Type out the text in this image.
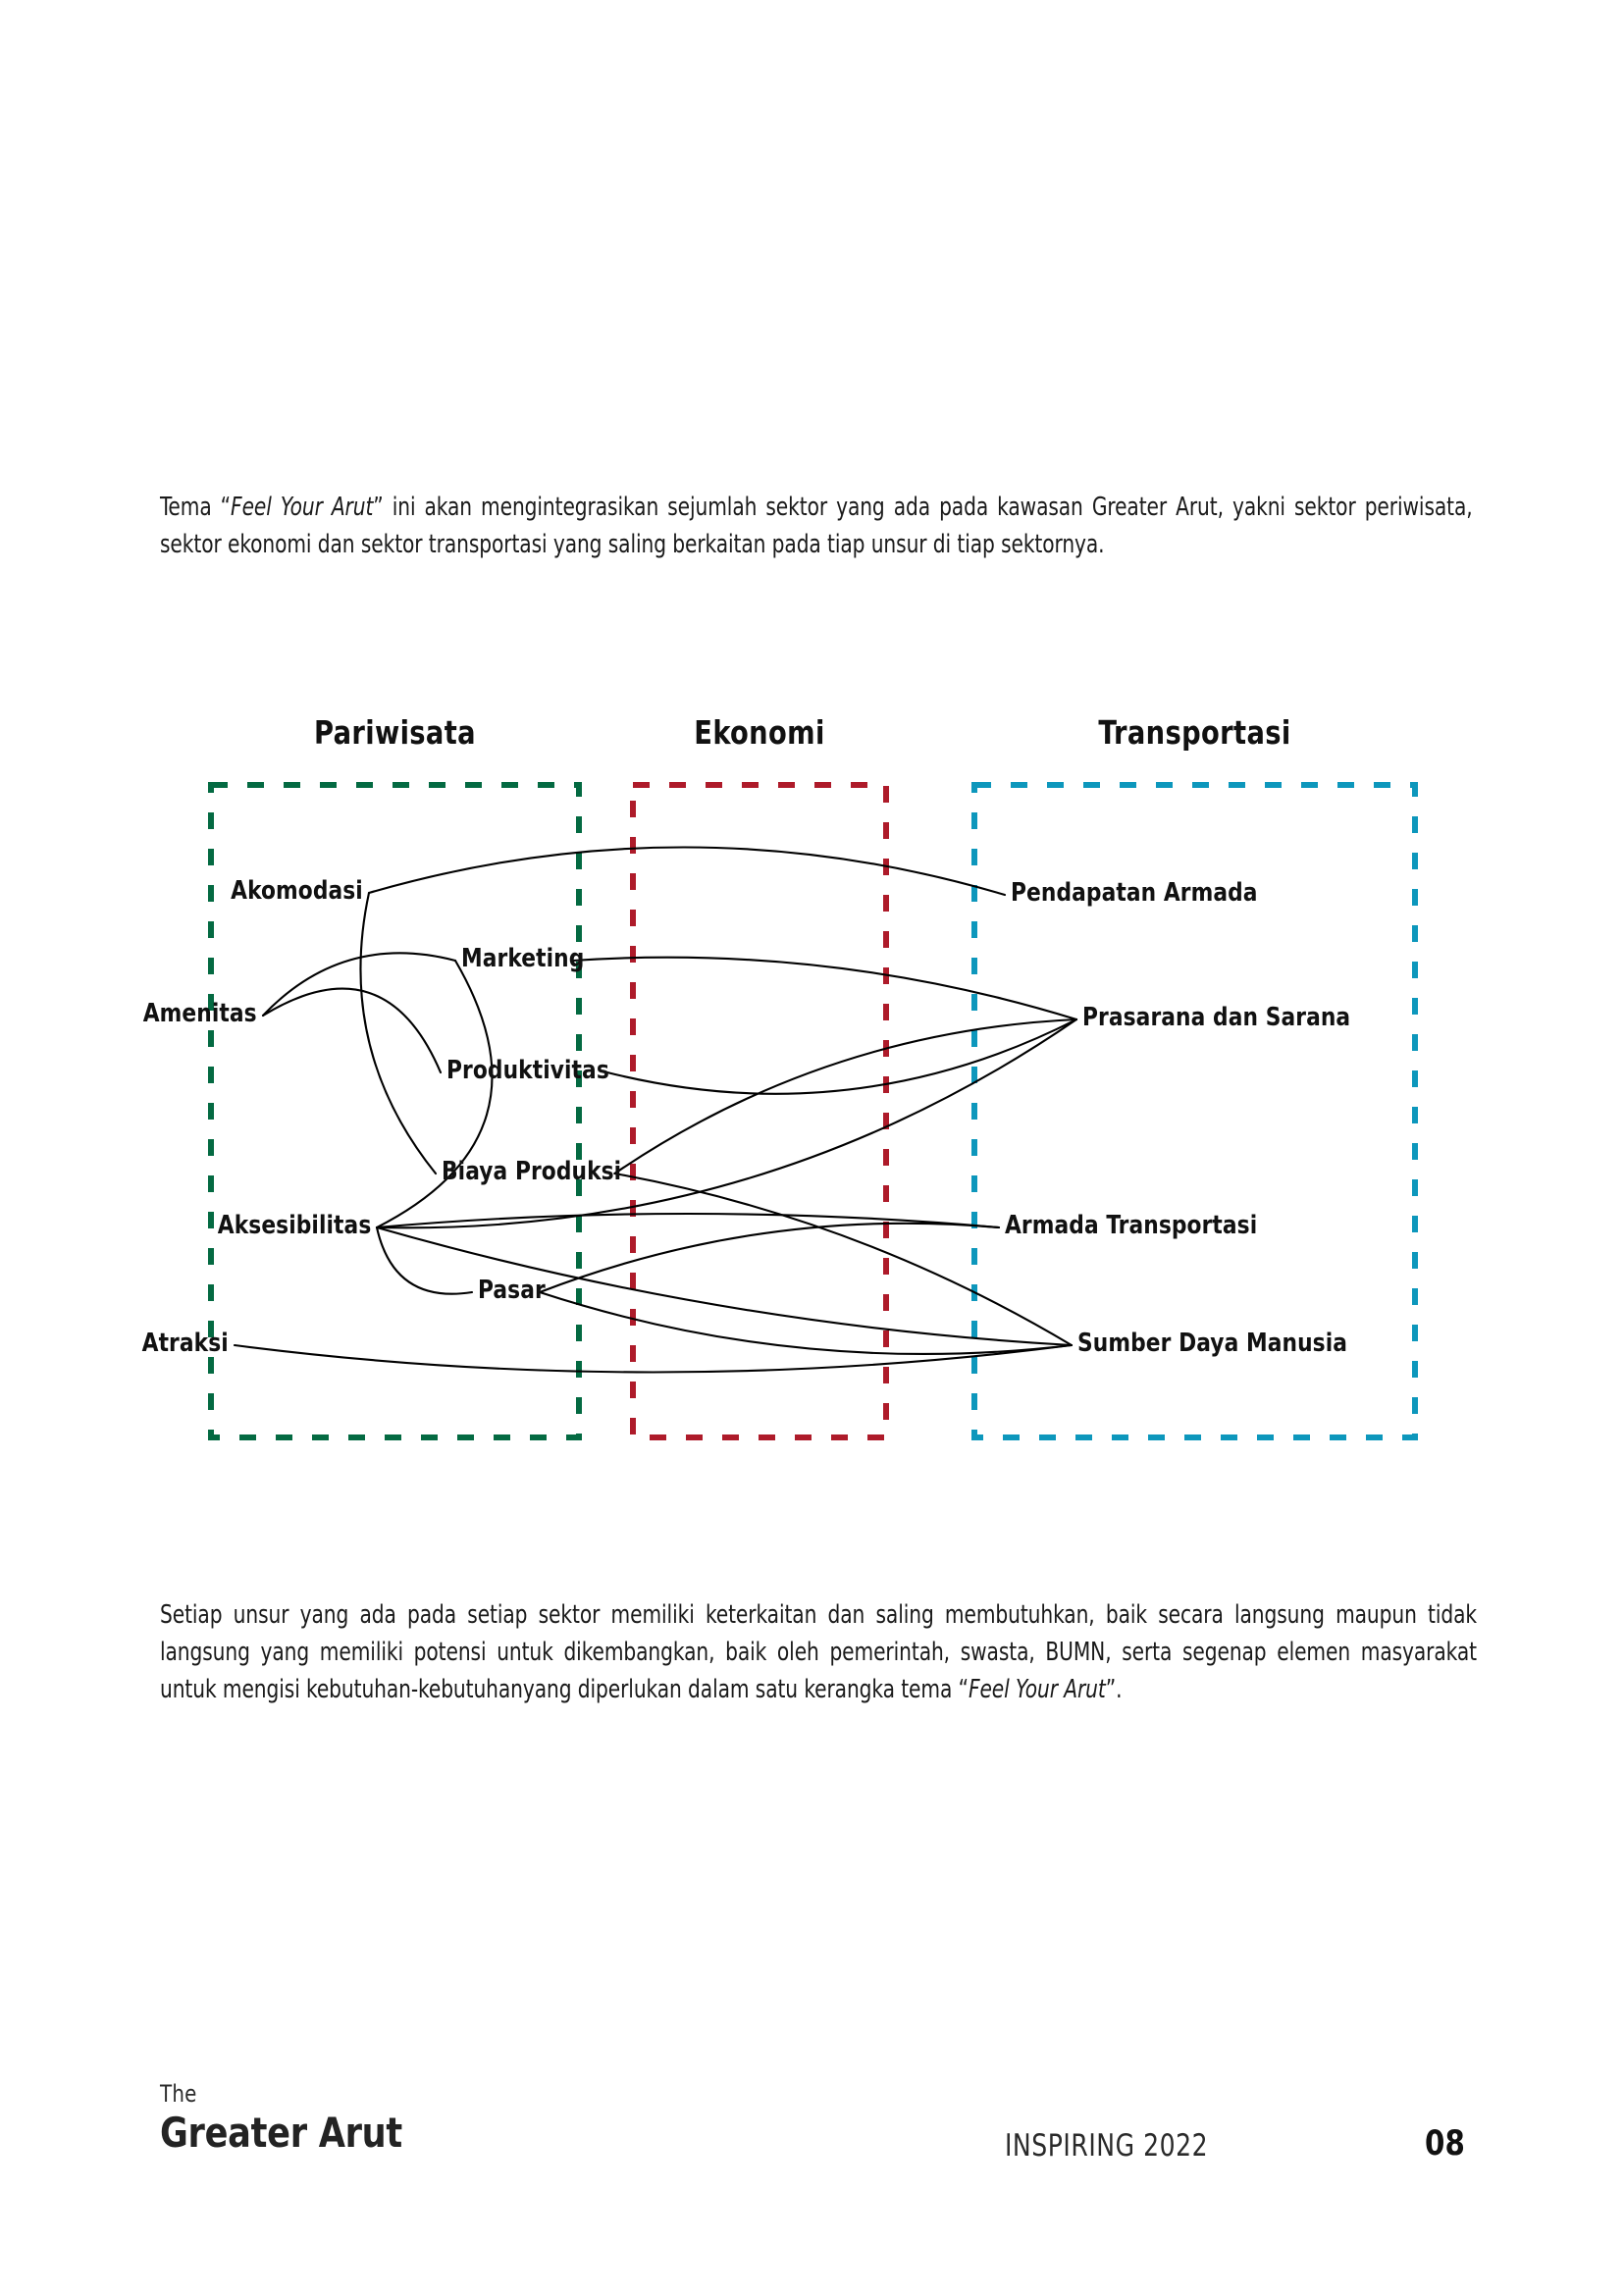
Tema “Feel Your Arut” ini akan mengintegrasikan sejumlah sektor yang ada pada kawasan Greater Arut, yakni sektor periwisata, sektor ekonomi dan sektor transportasi yang saling berkaitan pada tiap unsur di tiap sektornya.
Pariwisata	Ekonomi	Transportasi
Akomodasi
Amenitas
Aksesibilitas
Atraksi
Marketing
Produktivitas
Biaya Produksi
Pasar
Pendapatan Armada
Prasarana dan Sarana
Armada Transportasi
Sumber Daya Manusia
The
Greater Arut	INSPIRING 2022	08
Setiap unsur yang ada pada setiap sektor memiliki keterkaitan dan saling membutuhkan, baik secara langsung maupun tidak langsung yang memiliki potensi untuk dikembangkan, baik oleh pemerintah, swasta, BUMN, serta segenap elemen masyarakat untuk mengisi kebutuhan-kebutuhanyang diperlukan dalam satu kerangka tema “Feel Your Arut”.
